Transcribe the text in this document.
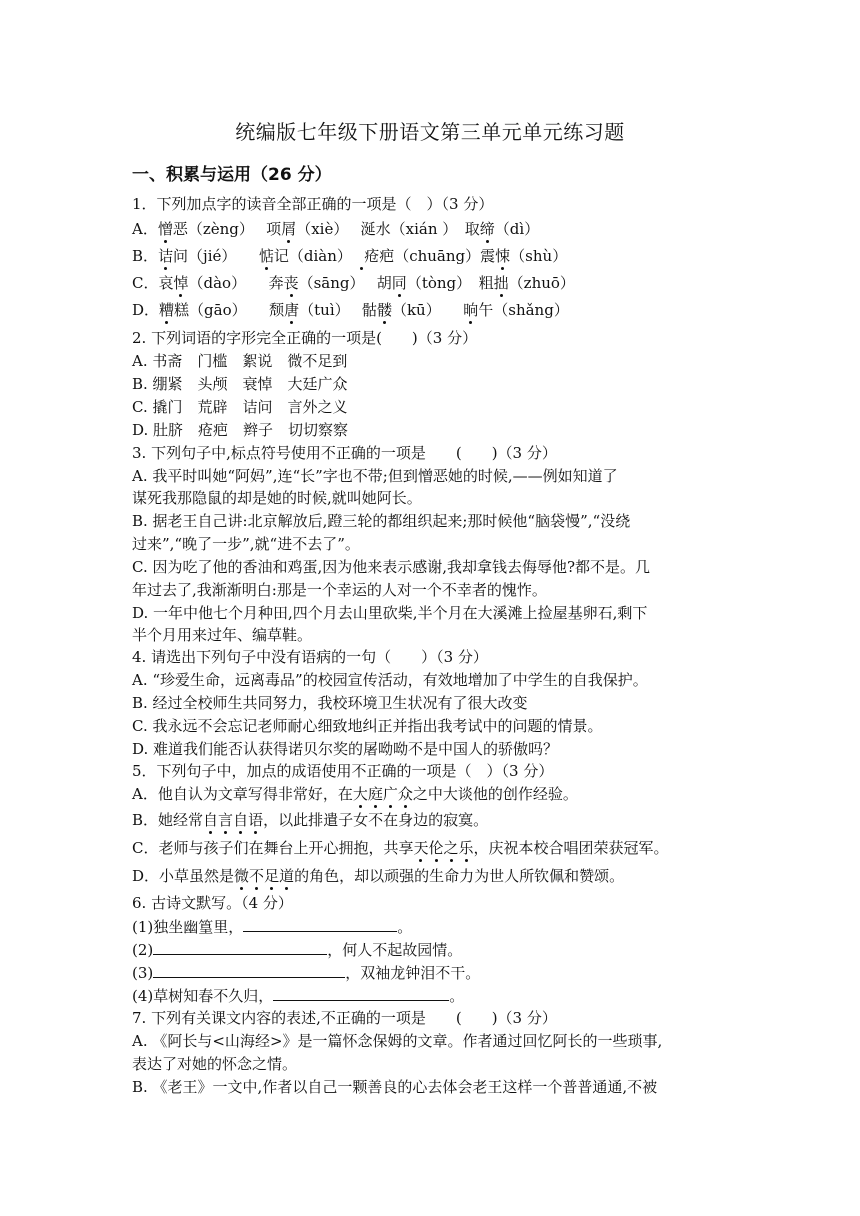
统编版七年级下册语文第三单元单元练习题
一、积累与运用（26 分）
1．下列加点字的读音全部正确的一项是（　）（3 分）
A．憎恶（zèng）　 项屑（xiè）　 涎水（xián ）　取缔（dì）
B．诘问（jié）　　 惦记（diàn）　 疮疤（chuāng）震悚（shù）
C．哀悼（dào）　　奔丧（sāng）　 胡同（tòng）　粗拙（zhuō）
D．糟糕（gāo）　　颓唐（tuì）　 骷髅（kū）　　 晌午（shǎng）
2. 下列词语的字形完全正确的一项是(　　)（3 分）
A. 书斋　门槛　絮说　微不足到
B. 绷紧　头颅　衰悼　大廷广众
C. 撬门　荒辟　诘问　言外之义
D. 肚脐　疮疤　辫子　切切察察
3. 下列句子中,标点符号使用不正确的一项是　　(　　)（3 分）
A. 我平时叫她“阿妈”,连“长”字也不带;但到憎恶她的时候,——例如知道了
谋死我那隐鼠的却是她的时候,就叫她阿长。
B. 据老王自己讲:北京解放后,蹬三轮的都组织起来;那时候他“脑袋慢”,“没绕
过来”,“晚了一步”,就“进不去了”。
C. 因为吃了他的香油和鸡蛋,因为他来表示感谢,我却拿钱去侮辱他?都不是。几
年过去了,我渐渐明白:那是一个幸运的人对一个不幸者的愧怍。
D. 一年中他七个月种田,四个月去山里砍柴,半个月在大溪滩上捡屋基卵石,剩下
半个月用来过年、编草鞋。
4. 请选出下列句子中没有语病的一句（　　）（3 分）
A. “珍爱生命，远离毒品”的校园宣传活动，有效地增加了中学生的自我保护。
B. 经过全校师生共同努力，我校环境卫生状况有了很大改变
C. 我永远不会忘记老师耐心细致地纠正并指出我考试中的问题的情景。
D. 难道我们能否认获得诺贝尔奖的屠呦呦不是中国人的骄傲吗？
5．下列句子中，加点的成语使用不正确的一项是（　）（3 分）
A．他自认为文章写得非常好，在大庭广众之中大谈他的创作经验。
B．她经常自言自语，以此排遣子女不在身边的寂寞。
C．老师与孩子们在舞台上开心拥抱，共享天伦之乐，庆祝本校合唱团荣获冠军。
D．小草虽然是微不足道的角色，却以顽强的生命力为世人所钦佩和赞颂。
6. 古诗文默写。（4 分）
(1)独坐幽篁里，	。
(2)	，何人不起故园情。
(3)	，双袖龙钟泪不干。
(4)草树知春不久归，	。
7. 下列有关课文内容的表述,不正确的一项是　　(　　)（3 分）
A. 《阿长与<山海经>》是一篇怀念保姆的文章。作者通过回忆阿长的一些琐事,
表达了对她的怀念之情。
B. 《老王》一文中,作者以自己一颗善良的心去体会老王这样一个普普通通,不被
